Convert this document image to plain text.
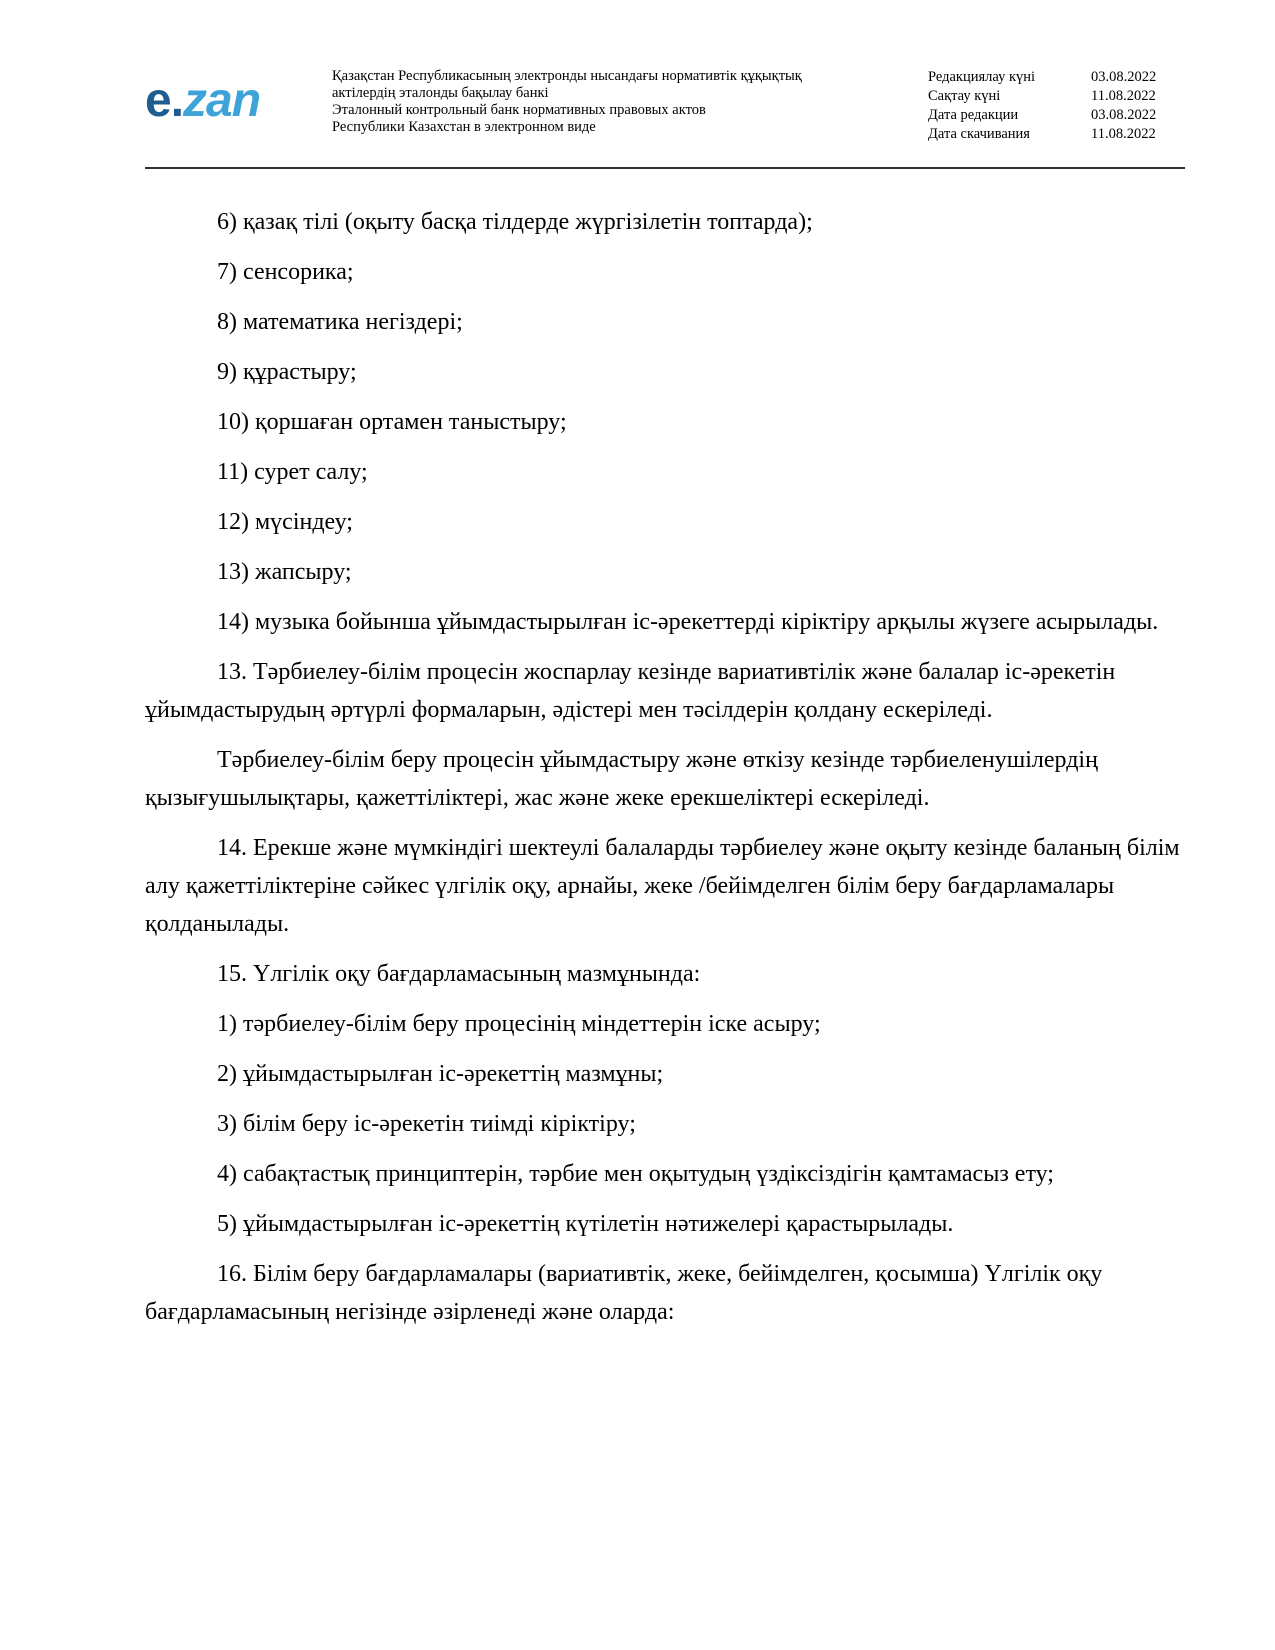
e.zan	Қазақстан Республикасының электронды нысандағы нормативтік құқықтық
актілердің эталонды бақылау банкі
Эталонный контрольный банк нормативных правовых актов
Республики Казахстан в электронном виде
Редакциялау күні	03.08.2022
Сақтау күні	11.08.2022
Дата редакции	03.08.2022
Дата скачивания	11.08.2022

6) қазақ тілі (оқыту басқа тілдерде жүргізілетін топтарда);

7) сенсорика;

8) математика негіздері;

9) құрастыру;

10) қоршаған ортамен таныстыру;

11) сурет салу;

12) мүсіндеу;

13) жапсыру;

14) музыка бойынша ұйымдастырылған іс-әрекеттерді кіріктіру арқылы жүзеге асырылады.

13. Тәрбиелеу-білім процесін жоспарлау кезінде вариативтілік және балалар іс-әрекетін ұйымдастырудың әртүрлі формаларын, әдістері мен тәсілдерін қолдану ескеріледі.

Тәрбиелеу-білім беру процесін ұйымдастыру және өткізу кезінде тәрбиеленушілердің қызығушылықтары, қажеттіліктері, жас және жеке ерекшеліктері ескеріледі.

14. Ерекше және мүмкіндігі шектеулі балаларды тәрбиелеу және оқыту кезінде баланың білім алу қажеттіліктеріне сәйкес үлгілік оқу, арнайы, жеке /бейімделген білім беру бағдарламалары қолданылады.

15. Үлгілік оқу бағдарламасының мазмұнында:

1) тәрбиелеу-білім беру процесінің міндеттерін іске асыру;

2) ұйымдастырылған іс-әрекеттің мазмұны;

3) білім беру іс-әрекетін тиімді кіріктіру;

4) сабақтастық принциптерін, тәрбие мен оқытудың үздіксіздігін қамтамасыз ету;

5) ұйымдастырылған іс-әрекеттің күтілетін нәтижелері қарастырылады.

16. Білім беру бағдарламалары (вариативтік, жеке, бейімделген, қосымша) Үлгілік оқу бағдарламасының негізінде әзірленеді және оларда:
